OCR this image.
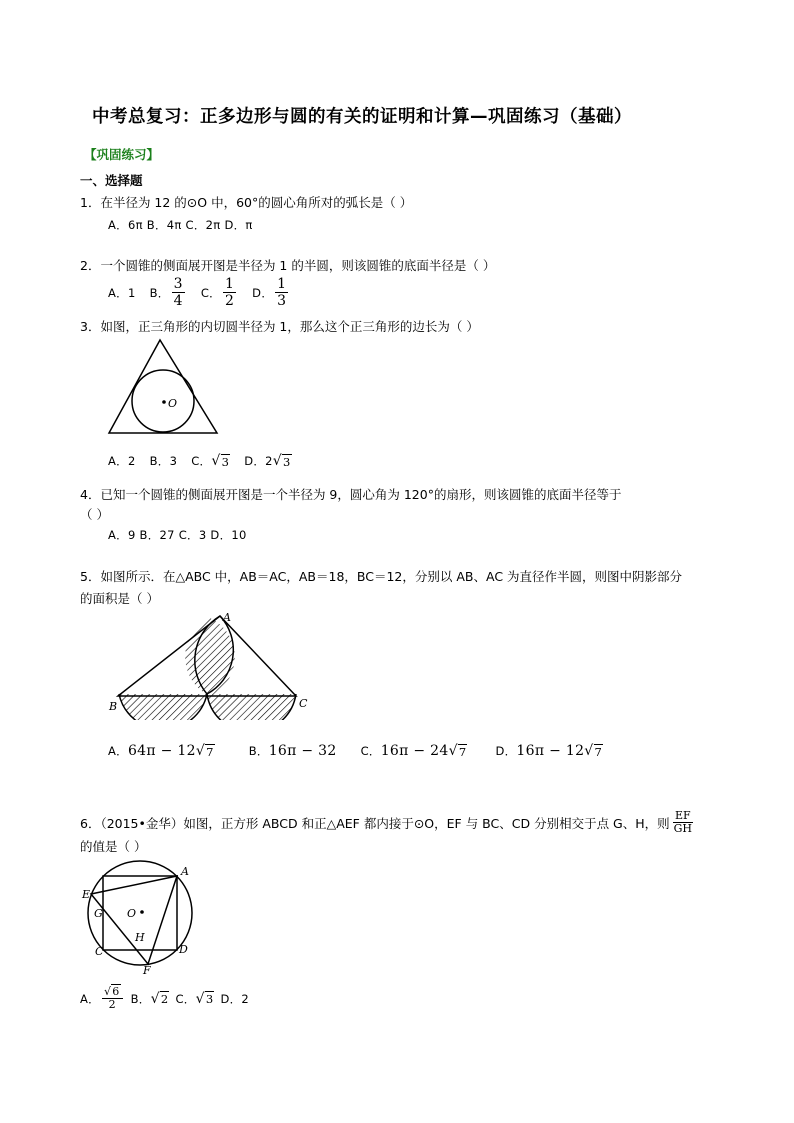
中考总复习：正多边形与圆的有关的证明和计算—巩固练习（基础）
【巩固练习】
一、选择题
1．在半径为 12 的⊙O 中，60°的圆心角所对的弧长是（ ）
A．6π B．4π C．2π D．π
2．一个圆锥的侧面展开图是半径为 1 的半圆，则该圆锥的底面半径是（ ）
A．1 B． $\frac{3}{4}$ C． $\frac{1}{2}$ D． $\frac{1}{3}$
3．如图，正三角形的内切圆半径为 1，那么这个正三角形的边长为（ ）
O
A．2 B．3 C． √ 3 D．2 √ 3
4．已知一个圆锥的侧面展开图是一个半径为 9，圆心角为 120°的扇形，则该圆锥的底面半径等于
（ ）
A．9 B．27 C．3 D．10
5．如图所示．在△ABC 中，AB＝AC，AB＝18，BC＝12，分别以 AB、AC 为直径作半圆，则图中阴影部分
的面积是（ ）
A
B	C
A． 64π − 12 √ 7	B． 16π − 32 C． 16π − 24 √ 7	D． 16π − 12 √ 7
6．（2015•金华）如图，正方形 ABCD 和正△AEF 都内接于⊙O，EF 与 BC、CD 分别相交于点 G、H，则 $\frac{EF}{GH}$
的值是（ ）
A
E
G O
H
C	D
F
A． $\frac{√6}{2}$ B． √ 2 C． √ 3 D．2
